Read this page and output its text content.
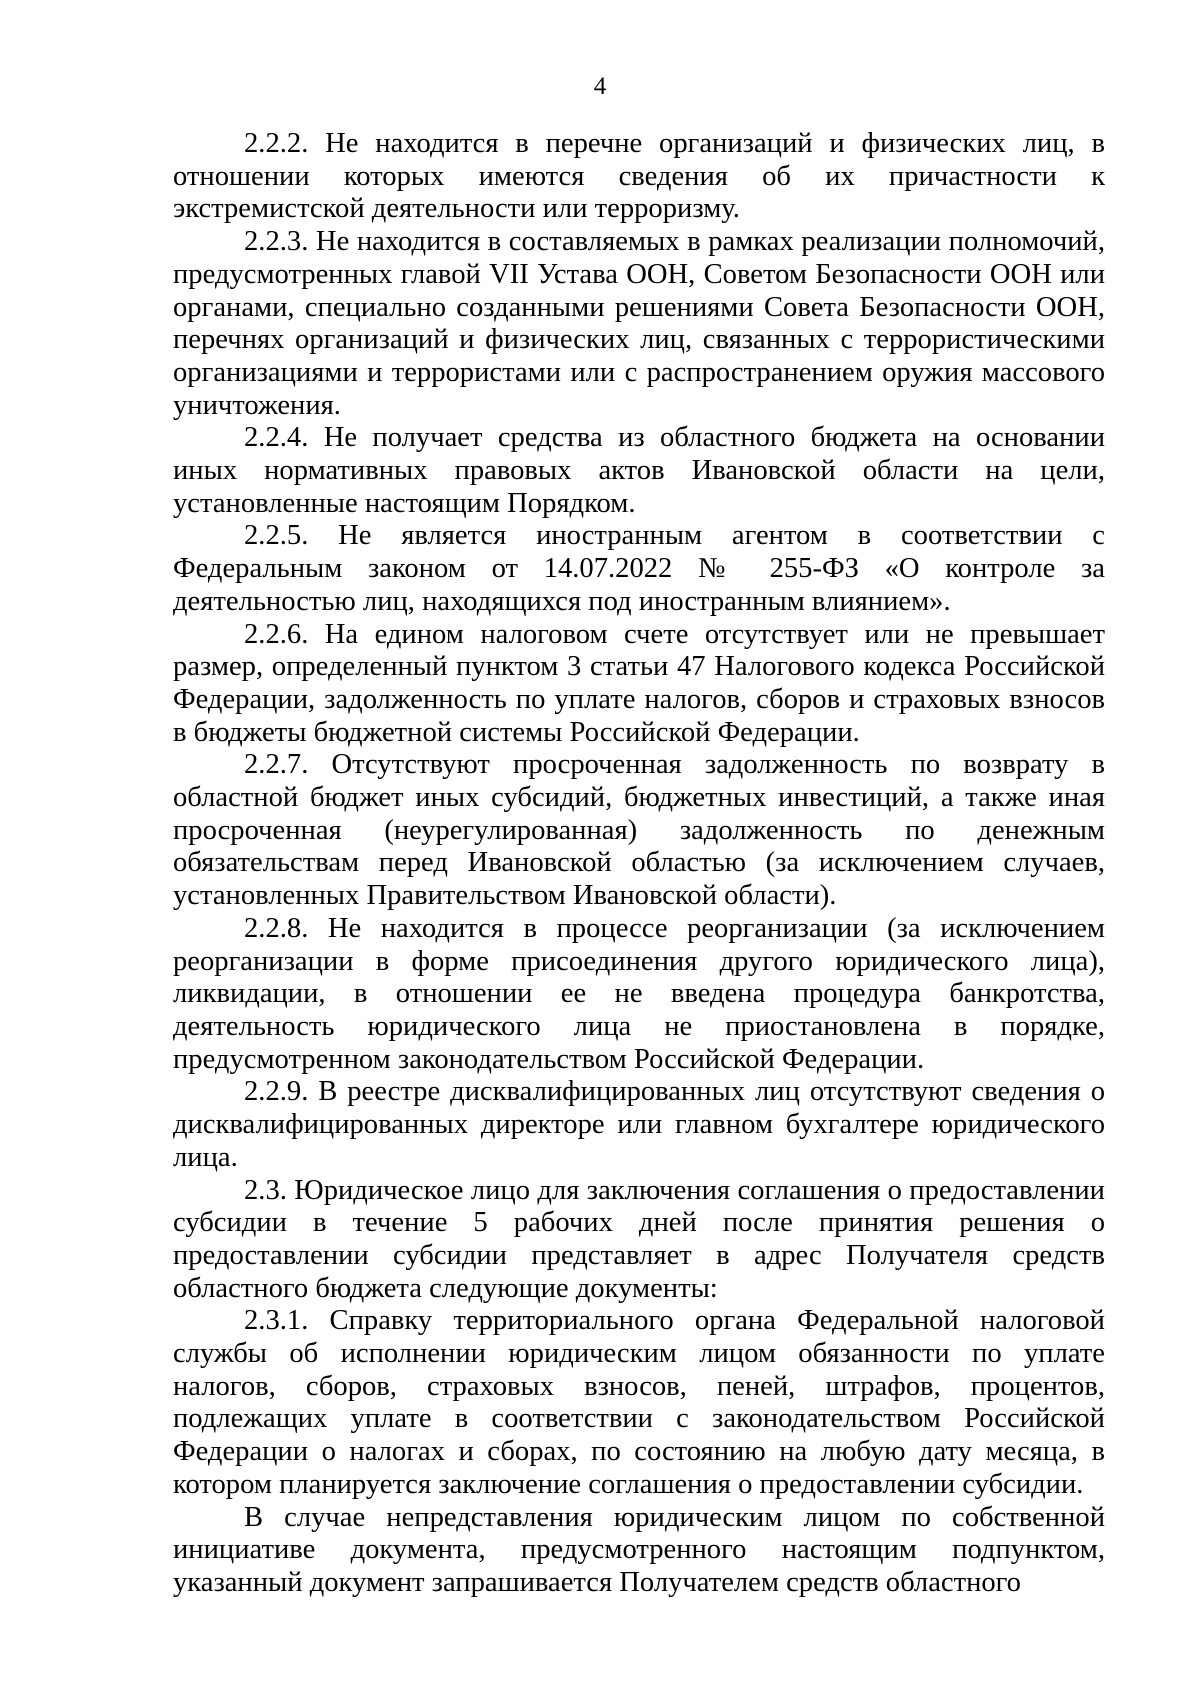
4

2.2.2. Не находится в перечне организаций и физических лиц, в отношении которых имеются сведения об их причастности к экстремистской деятельности или терроризму.

2.2.3. Не находится в составляемых в рамках реализации полномочий, предусмотренных главой VII Устава ООН, Советом Безопасности ООН или органами, специально созданными решениями Совета Безопасности ООН, перечнях организаций и физических лиц, связанных с террористическими организациями и террористами или с распространением оружия массового уничтожения.

2.2.4. Не получает средства из областного бюджета на основании иных нормативных правовых актов Ивановской области на цели, установленные настоящим Порядком.

2.2.5. Не является иностранным агентом в соответствии с Федеральным законом от 14.07.2022 № 255-ФЗ «О контроле за деятельностью лиц, находящихся под иностранным влиянием».

2.2.6. На едином налоговом счете отсутствует или не превышает размер, определенный пунктом 3 статьи 47 Налогового кодекса Российской Федерации, задолженность по уплате налогов, сборов и страховых взносов в бюджеты бюджетной системы Российской Федерации.

2.2.7. Отсутствуют просроченная задолженность по возврату в областной бюджет иных субсидий, бюджетных инвестиций, а также иная просроченная (неурегулированная) задолженность по денежным обязательствам перед Ивановской областью (за исключением случаев, установленных Правительством Ивановской области).

2.2.8. Не находится в процессе реорганизации (за исключением реорганизации в форме присоединения другого юридического лица), ликвидации, в отношении ее не введена процедура банкротства, деятельность юридического лица не приостановлена в порядке, предусмотренном законодательством Российской Федерации.

2.2.9. В реестре дисквалифицированных лиц отсутствуют сведения о дисквалифицированных директоре или главном бухгалтере юридического лица.

2.3. Юридическое лицо для заключения соглашения о предоставлении субсидии в течение 5 рабочих дней после принятия решения о предоставлении субсидии представляет в адрес Получателя средств областного бюджета следующие документы:

2.3.1. Справку территориального органа Федеральной налоговой службы об исполнении юридическим лицом обязанности по уплате налогов, сборов, страховых взносов, пеней, штрафов, процентов, подлежащих уплате в соответствии с законодательством Российской Федерации о налогах и сборах, по состоянию на любую дату месяца, в котором планируется заключение соглашения о предоставлении субсидии.

В случае непредставления юридическим лицом по собственной инициативе документа, предусмотренного настоящим подпунктом, указанный документ запрашивается Получателем средств областного
